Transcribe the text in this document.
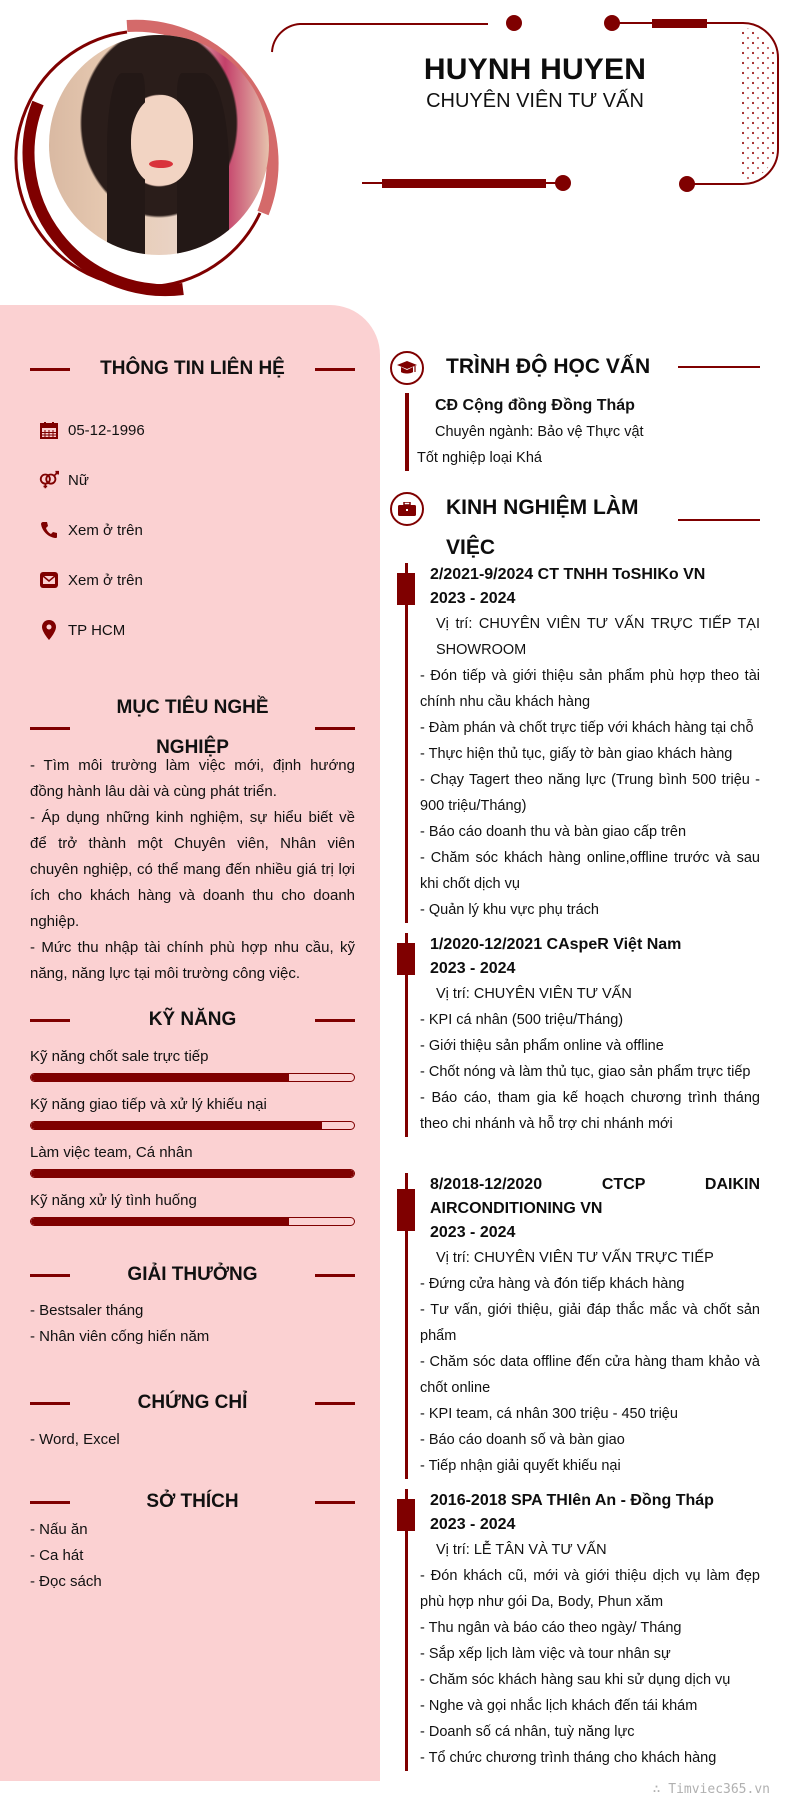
HUYNH HUYEN
CHUYÊN VIÊN TƯ VẤN
THÔNG TIN LIÊN HỆ
05-12-1996
Nữ
Xem ở trên
Xem ở trên
TP HCM
MỤC TIÊU NGHỀ
NGHIỆP

- Tìm môi trường làm việc mới, định hướng đồng hành lâu dài và cùng phát triển.

- Áp dụng những kinh nghiệm, sự hiểu biết về để trở thành một Chuyên viên, Nhân viên chuyên nghiệp, có thể mang đến nhiều giá trị lợi ích cho khách hàng và doanh thu cho doanh nghiệp.

- Mức thu nhập tài chính phù hợp nhu cầu, kỹ năng, năng lực tại môi trường công việc.

KỸ NĂNG
Kỹ năng chốt sale trực tiếp
Kỹ năng giao tiếp và xử lý khiếu nại
Làm việc team, Cá nhân
Kỹ năng xử lý tình huống
GIẢI THƯỞNG
- Bestsaler tháng
- Nhân viên cống hiến năm
CHỨNG CHỈ
- Word, Excel
SỞ THÍCH
- Nấu ăn
- Ca hát
- Đọc sách
TRÌNH ĐỘ HỌC VẤN
CĐ Cộng đồng Đồng Tháp
Chuyên ngành: Bảo vệ Thực vật
Tốt nghiệp loại Khá
KINH NGHIỆM LÀM
VIỆC
2/2021-9/2024 CT TNHH ToSHIKo VN
2023 - 2024
Vị trí: CHUYÊN VIÊN TƯ VẤN TRỰC TIẾP TẠI SHOWROOM
- Đón tiếp và giới thiệu sản phẩm phù hợp theo tài chính nhu cầu khách hàng
- Đàm phán và chốt trực tiếp với khách hàng tại chỗ
- Thực hiện thủ tục, giấy tờ bàn giao khách hàng
- Chạy Tagert theo năng lực (Trung bình 500 triệu - 900 triệu/Tháng)
- Báo cáo doanh thu và bàn giao cấp trên
- Chăm sóc khách hàng online,offline trước và sau khi chốt dịch vụ
- Quản lý khu vực phụ trách
1/2020-12/2021 CAspeR Việt Nam
2023 - 2024
Vị trí: CHUYÊN VIÊN TƯ VẤN
- KPI cá nhân (500 triệu/Tháng)
- Giới thiệu sản phẩm online và offline
- Chốt nóng và làm thủ tục, giao sản phẩm trực tiếp
- Báo cáo, tham gia kế hoạch chương trình tháng theo chi nhánh và hỗ trợ chi nhánh mới
8/2018-12/2020 CTCP DAIKIN AIRCONDITIONING VN
2023 - 2024
Vị trí: CHUYÊN VIÊN TƯ VẤN TRỰC TIẾP
- Đứng cửa hàng và đón tiếp khách hàng
- Tư vấn, giới thiệu, giải đáp thắc mắc và chốt sản phẩm
- Chăm sóc data offline đến cửa hàng tham khảo và chốt online
- KPI team, cá nhân 300 triệu - 450 triệu
- Báo cáo doanh số và bàn giao
- Tiếp nhận giải quyết khiếu nại
2016-2018 SPA THIên An - Đồng Tháp
2023 - 2024
Vị trí: LỄ TÂN VÀ TƯ VẤN
- Đón khách cũ, mới và giới thiệu dịch vụ làm đẹp phù hợp như gói Da, Body, Phun xăm
- Thu ngân và báo cáo theo ngày/ Tháng
- Sắp xếp lịch làm việc và tour nhân sự
- Chăm sóc khách hàng sau khi sử dụng dịch vụ
- Nghe và gọi nhắc lịch khách đến tái khám
- Doanh số cá nhân, tuỳ năng lực
- Tổ chức chương trình tháng cho khách hàng
∴ Timviec365.vn
